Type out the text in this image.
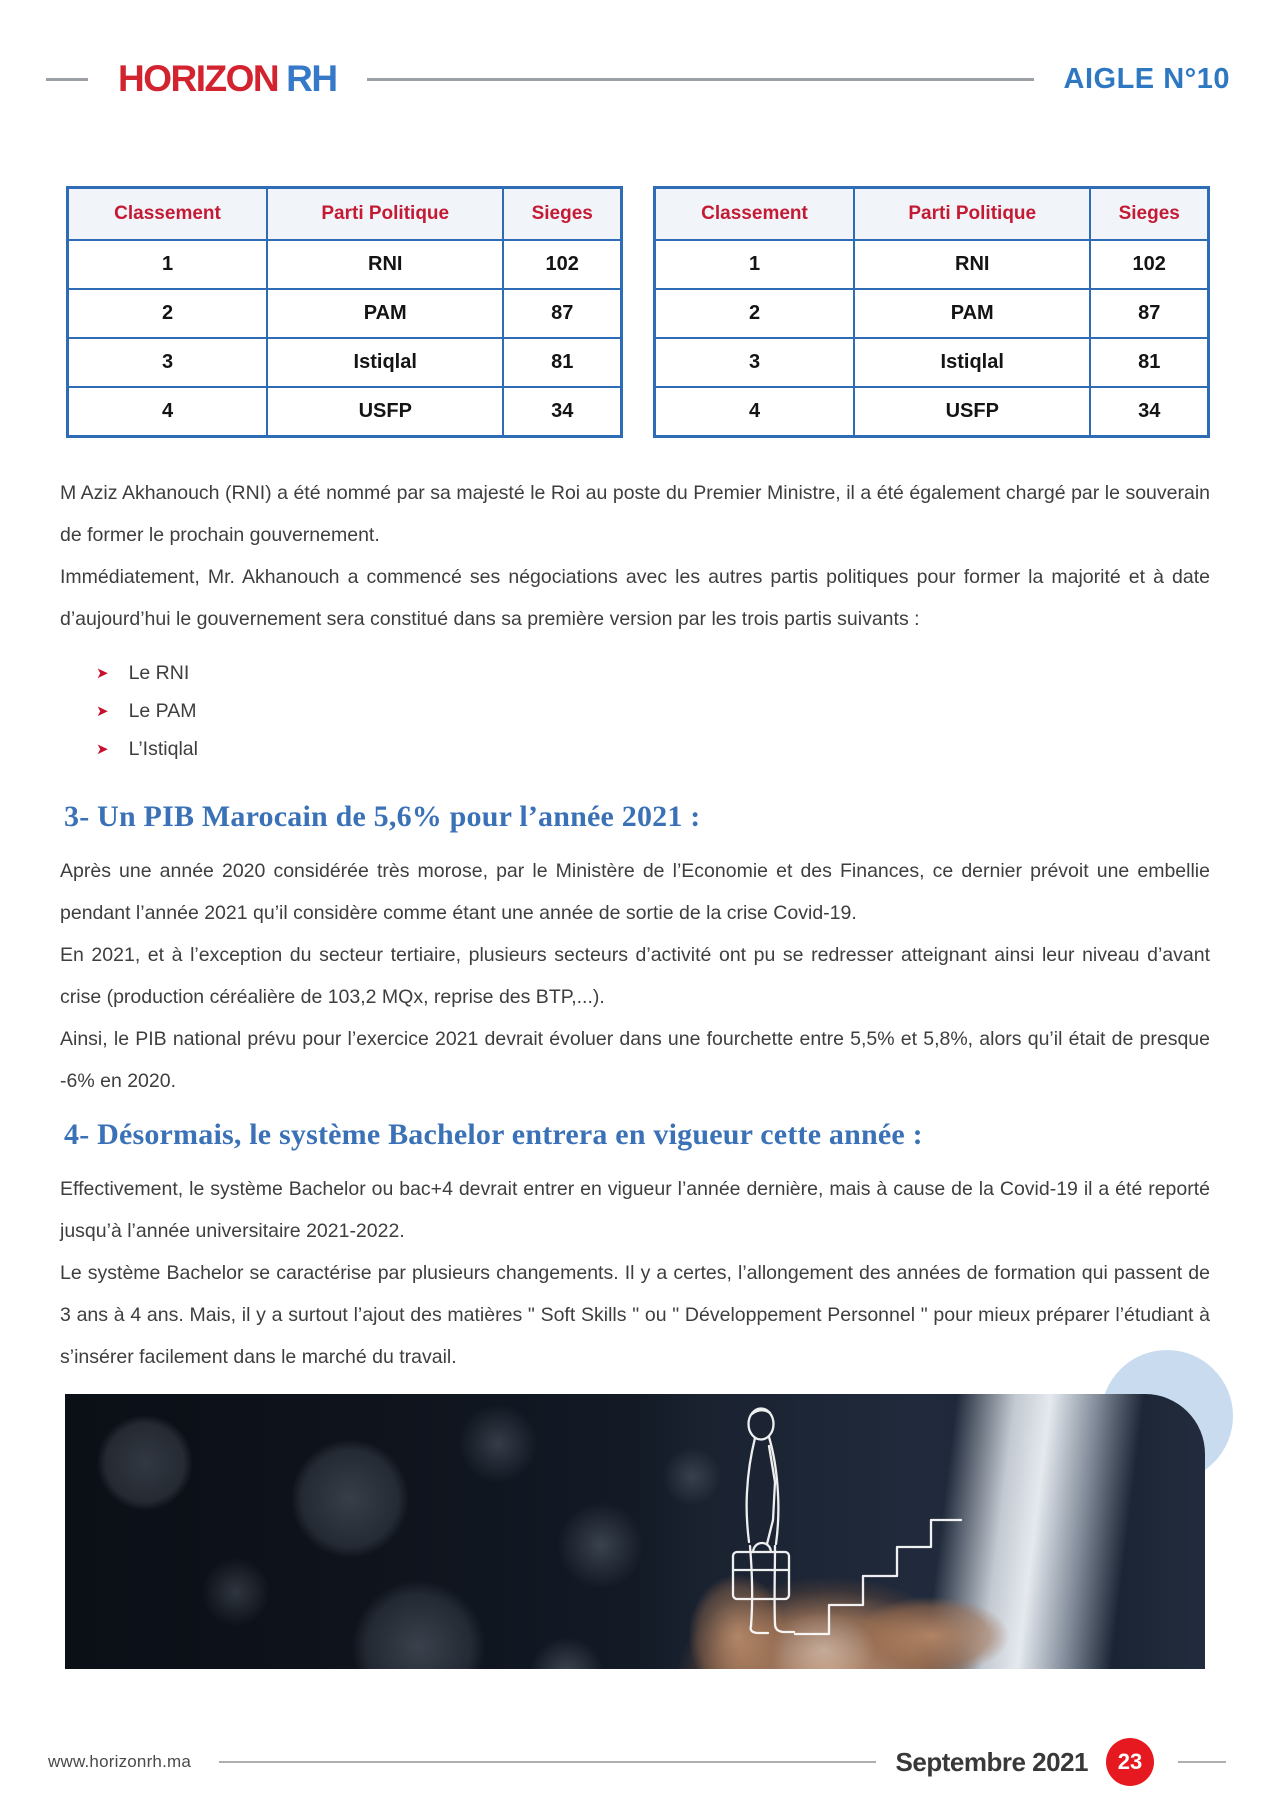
HORIZON RH	AIGLE N°10
Classement	Parti Politique	Sieges
1	RNI	102
2	PAM	87
3	Istiqlal	81
4	USFP	34
Classement	Parti Politique	Sieges
1	RNI	102
2	PAM	87
3	Istiqlal	81
4	USFP	34

M Aziz Akhanouch (RNI) a été nommé par sa majesté le Roi au poste du Premier Ministre, il a été également chargé par le souverain de former le prochain gouvernement.

Immédiatement, Mr. Akhanouch a commencé ses négociations avec les autres partis politiques pour former la majorité et à date d’aujourd’hui le gouvernement sera constitué dans sa première version par les trois partis suivants :

➤ Le RNI
➤ Le PAM
➤ L’Istiqlal
3- Un PIB Marocain de 5,6% pour l’année 2021 :

Après une année 2020 considérée très morose, par le Ministère de l’Economie et des Finances, ce dernier prévoit une embellie pendant l’année 2021 qu’il considère comme étant une année de sortie de la crise Covid-19.

En 2021, et à l’exception du secteur tertiaire, plusieurs secteurs d’activité ont pu se redresser atteignant ainsi leur niveau d’avant crise (production céréalière de 103,2 MQx, reprise des BTP,...).

Ainsi, le PIB national prévu pour l’exercice 2021 devrait évoluer dans une fourchette entre 5,5% et 5,8%, alors qu’il était de presque -6% en 2020.

4- Désormais, le système Bachelor entrera en vigueur cette année :

Effectivement, le système Bachelor ou bac+4 devrait entrer en vigueur l’année dernière, mais à cause de la Covid-19 il a été reporté jusqu’à l’année universitaire 2021-2022.

Le système Bachelor se caractérise par plusieurs changements. Il y a certes, l’allongement des années de formation qui passent de 3 ans à 4 ans. Mais, il y a surtout l’ajout des matières " Soft Skills " ou " Développement Personnel " pour mieux préparer l’étudiant à s’insérer facilement dans le marché du travail.

www.horizonrh.ma	Septembre 2021	23
